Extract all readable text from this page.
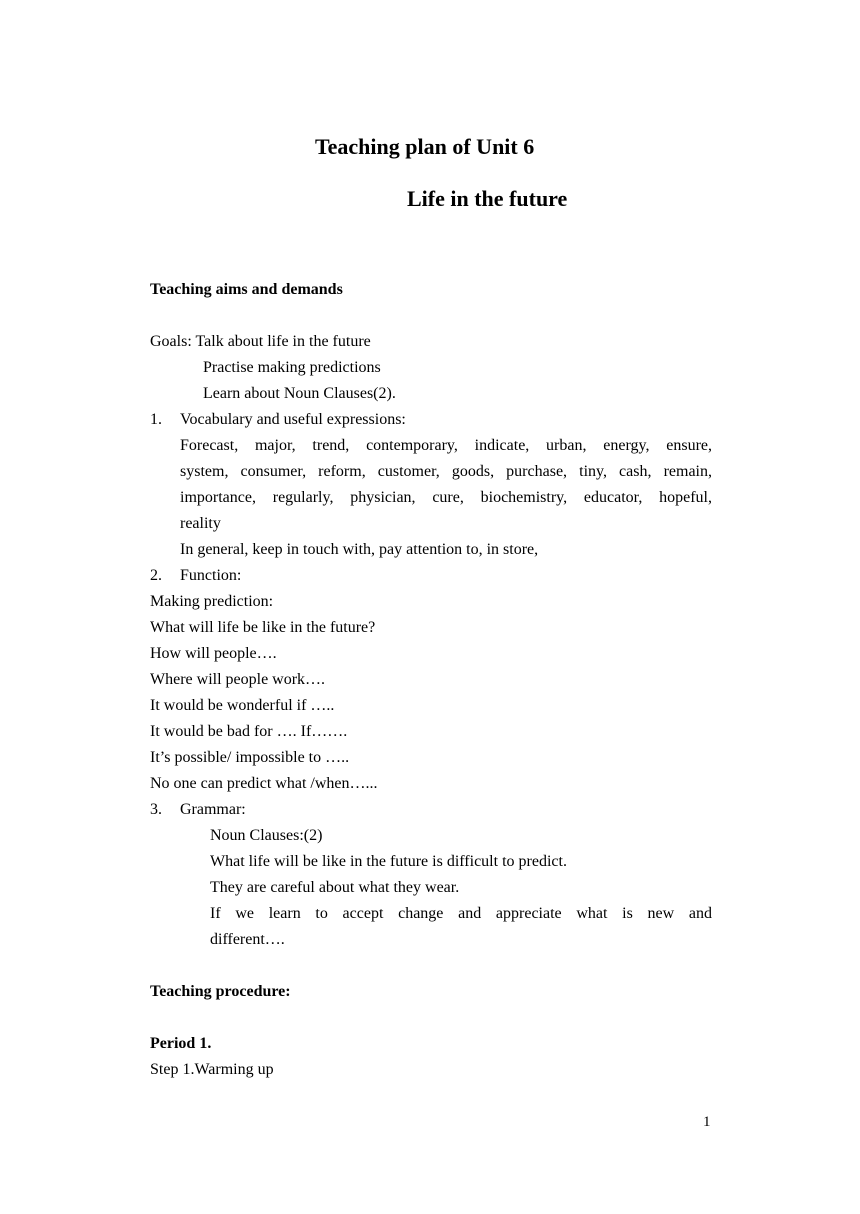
Teaching plan of Unit 6
Life in the future
Teaching aims and demands
Goals: Talk about life in the future
Practise making predictions
Learn about Noun Clauses(2).
1. Vocabulary and useful expressions:
Forecast, major, trend, contemporary, indicate, urban, energy, ensure,
system, consumer, reform, customer, goods, purchase, tiny, cash, remain,
importance, regularly, physician, cure, biochemistry, educator, hopeful,
reality
In general, keep in touch with, pay attention to, in store,
2. Function:
Making prediction:
What will life be like in the future?
How will people….
Where will people work….
It would be wonderful if …..
It would be bad for …. If…….
It’s possible/ impossible to …..
No one can predict what /when…...
3. Grammar:
Noun Clauses:(2)
What life will be like in the future is difficult to predict.
They are careful about what they wear.
If we learn to accept change and appreciate what is new and
different….
Teaching procedure:
Period 1.
Step 1.Warming up
1
